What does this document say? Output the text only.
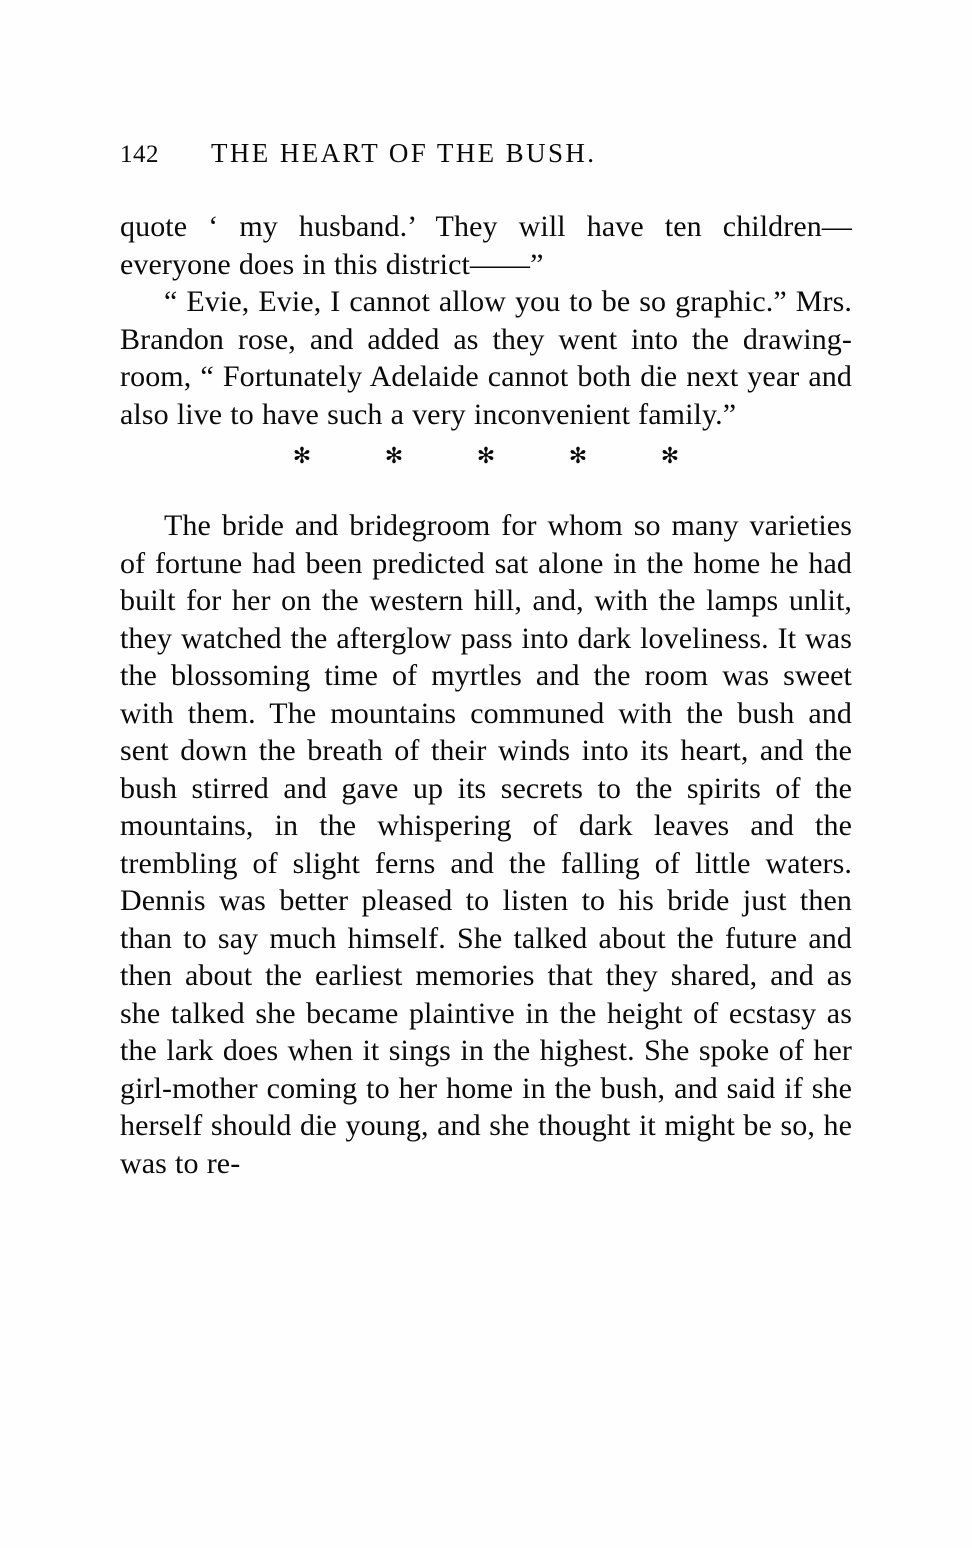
142 THE HEART OF THE BUSH.

quote ‘ my husband.’ They will have ten children—everyone does in this district——”

“ Evie, Evie, I cannot allow you to be so graphic.” Mrs. Brandon rose, and added as they went into the drawing-room, “ Fortunately Adelaide cannot both die next year and also live to have such a very inconvenient family.”

✻	✻	✻	✻	✻

The bride and bridegroom for whom so many varieties of fortune had been predicted sat alone in the home he had built for her on the western hill, and, with the lamps unlit, they watched the afterglow pass into dark loveliness. It was the blossoming time of myrtles and the room was sweet with them. The mountains communed with the bush and sent down the breath of their winds into its heart, and the bush stirred and gave up its secrets to the spirits of the mountains, in the whispering of dark leaves and the trembling of slight ferns and the falling of little waters. Dennis was better pleased to listen to his bride just then than to say much himself. She talked about the future and then about the earliest memories that they shared, and as she talked she became plaintive in the height of ecstasy as the lark does when it sings in the highest. She spoke of her girl-mother coming to her home in the bush, and said if she herself should die young, and she thought it might be so, he was to re-
